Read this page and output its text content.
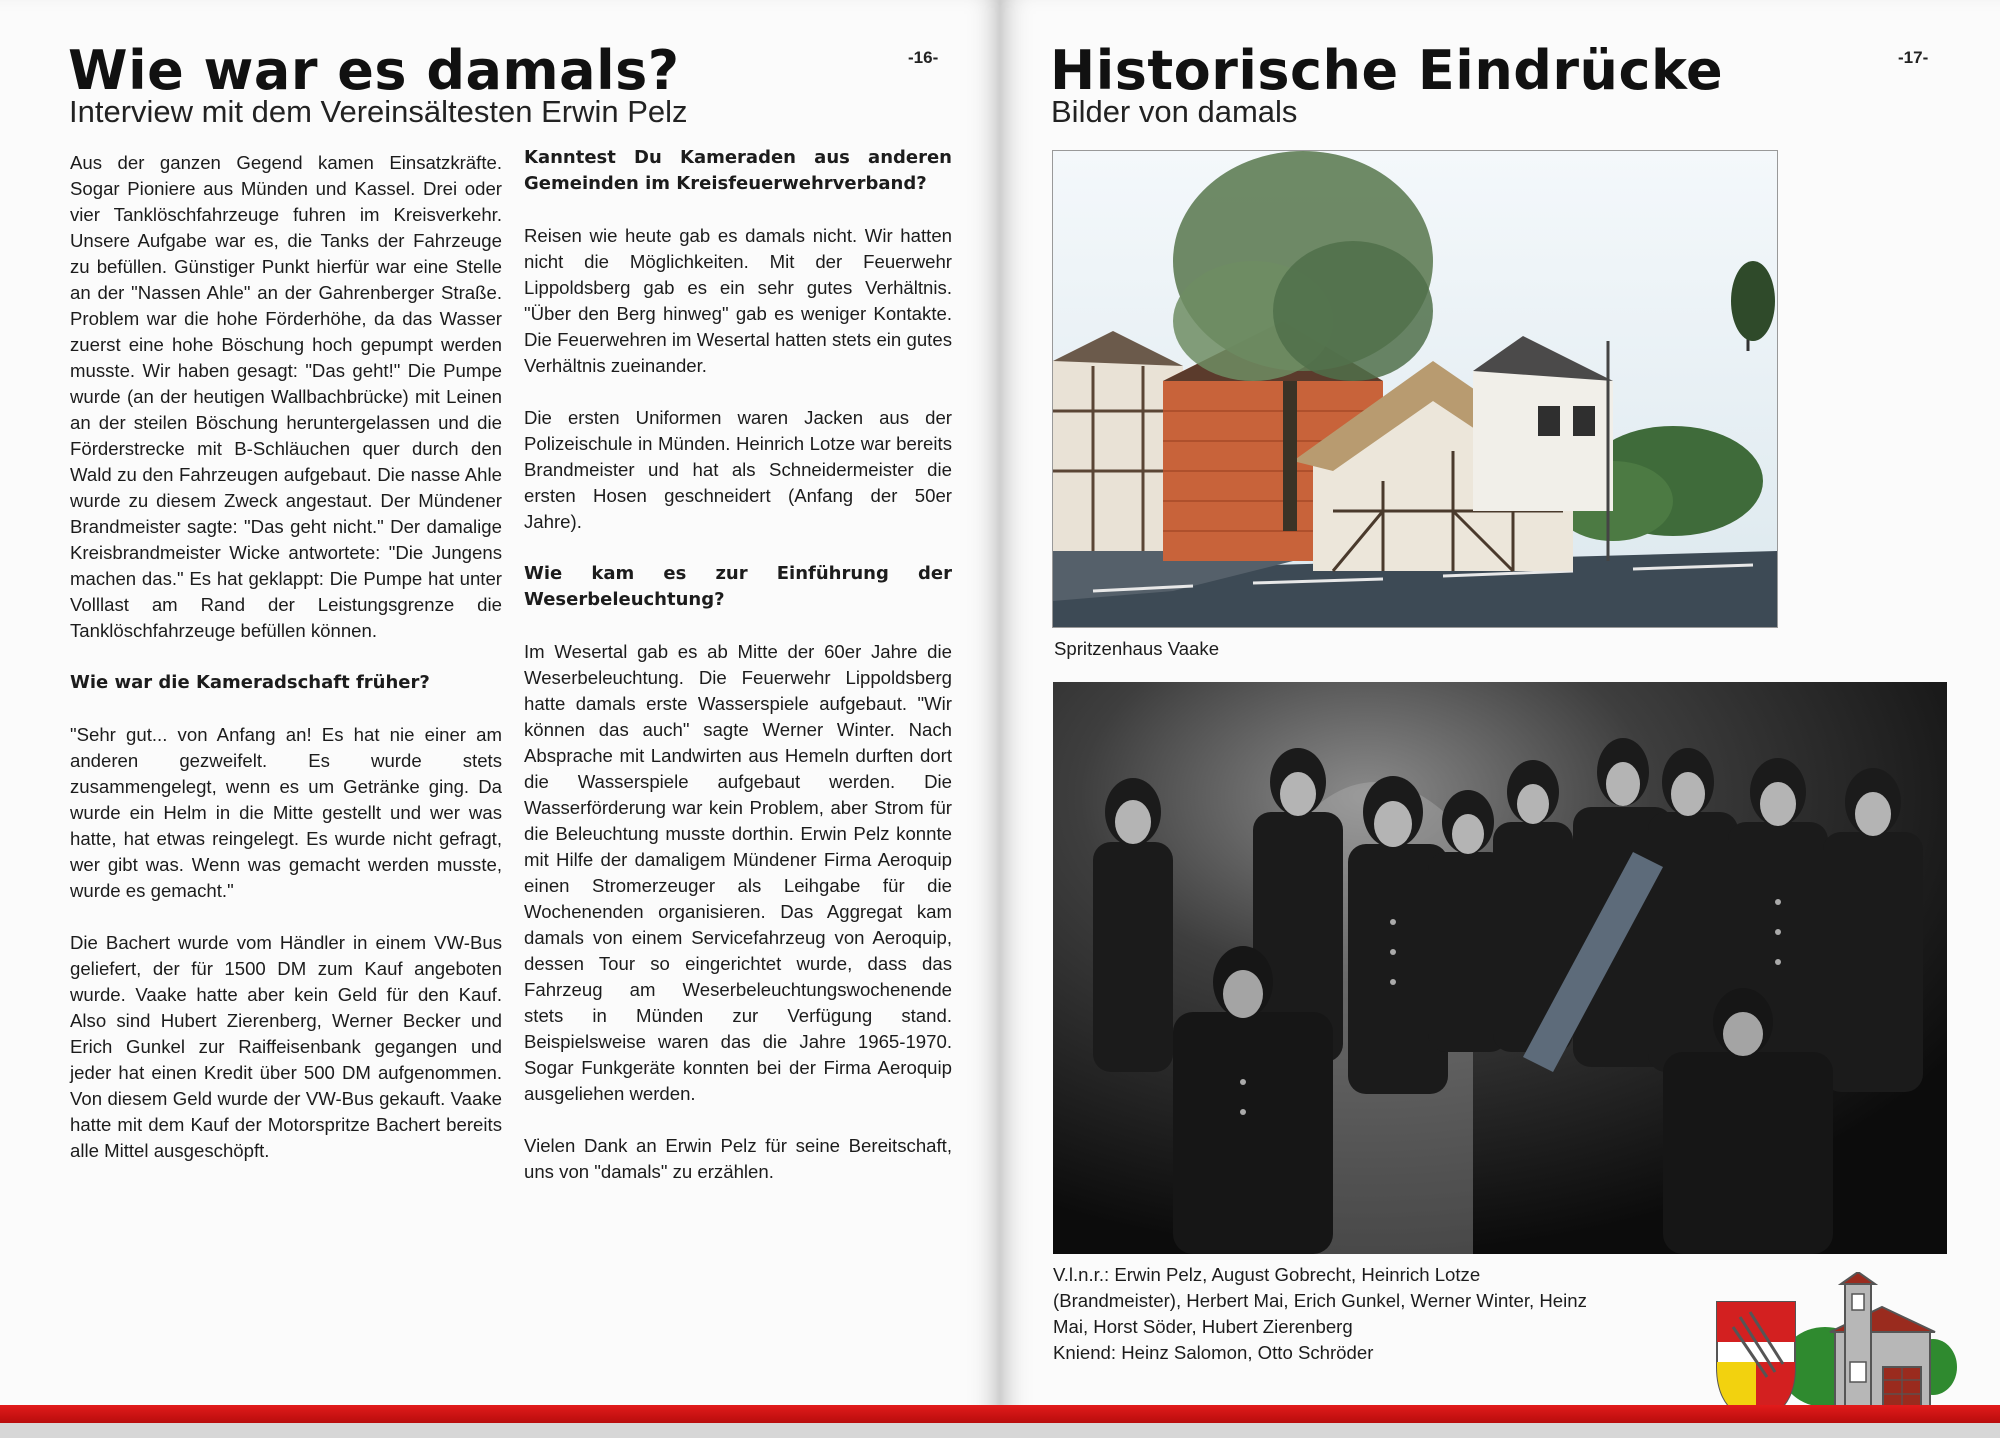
Wie war es damals?
Interview mit dem Vereinsältesten Erwin Pelz
-16-

Aus der ganzen Gegend kamen Einsatzkräfte. Sogar Pioniere aus Münden und Kassel. Drei oder vier Tanklöschfahrzeuge fuhren im Kreisverkehr. Unsere Aufgabe war es, die Tanks der Fahrzeuge zu befüllen. Günstiger Punkt hierfür war eine Stelle an der "Nassen Ahle" an der Gahrenberger Straße. Problem war die hohe Förderhöhe, da das Wasser zuerst eine hohe Böschung hoch gepumpt werden musste. Wir haben gesagt: "Das geht!" Die Pumpe wurde (an der heutigen Wallbachbrücke) mit Leinen an der steilen Böschung heruntergelassen und die Förderstrecke mit B-Schläuchen quer durch den Wald zu den Fahrzeugen aufgebaut. Die nasse Ahle wurde zu diesem Zweck angestaut. Der Mündener Brandmeister sagte: "Das geht nicht." Der damalige Kreisbrandmeister Wicke antwortete: "Die Jungens machen das." Es hat geklappt: Die Pumpe hat unter Volllast am Rand der Leistungsgrenze die Tanklöschfahrzeuge befüllen können.

Wie war die Kameradschaft früher?

"Sehr gut... von Anfang an! Es hat nie einer am anderen gezweifelt. Es wurde stets zusammengelegt, wenn es um Getränke ging. Da wurde ein Helm in die Mitte gestellt und wer was hatte, hat etwas reingelegt. Es wurde nicht gefragt, wer gibt was. Wenn was gemacht werden musste, wurde es gemacht."

Die Bachert wurde vom Händler in einem VW-Bus geliefert, der für 1500 DM zum Kauf angeboten wurde. Vaake hatte aber kein Geld für den Kauf. Also sind Hubert Zierenberg, Werner Becker und Erich Gunkel zur Raiffeisenbank gegangen und jeder hat einen Kredit über 500 DM aufgenommen. Von diesem Geld wurde der VW-Bus gekauft. Vaake hatte mit dem Kauf der Motorspritze Bachert bereits alle Mittel ausgeschöpft.

Kanntest Du Kameraden aus anderen Gemeinden im Kreisfeuerwehrverband?

Reisen wie heute gab es damals nicht. Wir hatten nicht die Möglichkeiten. Mit der Feuerwehr Lippoldsberg gab es ein sehr gutes Verhältnis. "Über den Berg hinweg" gab es weniger Kontakte. Die Feuerwehren im Wesertal hatten stets ein gutes Verhältnis zueinander.

Die ersten Uniformen waren Jacken aus der Polizeischule in Münden. Heinrich Lotze war bereits Brandmeister und hat als Schneidermeister die ersten Hosen geschneidert (Anfang der 50er Jahre).

Wie kam es zur Einführung der Weserbeleuchtung?

Im Wesertal gab es ab Mitte der 60er Jahre die Weserbeleuchtung. Die Feuerwehr Lippoldsberg hatte damals erste Wasserspiele aufgebaut. "Wir können das auch" sagte Werner Winter. Nach Absprache mit Landwirten aus Hemeln durften dort die Wasserspiele aufgebaut werden. Die Wasserförderung war kein Problem, aber Strom für die Beleuchtung musste dorthin. Erwin Pelz konnte mit Hilfe der damaligem Mündener Firma Aeroquip einen Stromerzeuger als Leihgabe für die Wochenenden organisieren. Das Aggregat kam damals von einem Servicefahrzeug von Aeroquip, dessen Tour so eingerichtet wurde, dass das Fahrzeug am Weserbeleuchtungswochenende stets in Münden zur Verfügung stand. Beispielsweise waren das die Jahre 1965-1970. Sogar Funkgeräte konnten bei der Firma Aeroquip ausgeliehen werden.

Vielen Dank an Erwin Pelz für seine Bereitschaft, uns von "damals" zu erzählen.

Historische Eindrücke
Bilder von damals
-17-
Spritzenhaus Vaake
V.l.n.r.: Erwin Pelz, August Gobrecht, Heinrich Lotze
(Brandmeister), Herbert Mai, Erich Gunkel, Werner Winter, Heinz
Mai, Horst Söder, Hubert Zierenberg
Kniend: Heinz Salomon, Otto Schröder
